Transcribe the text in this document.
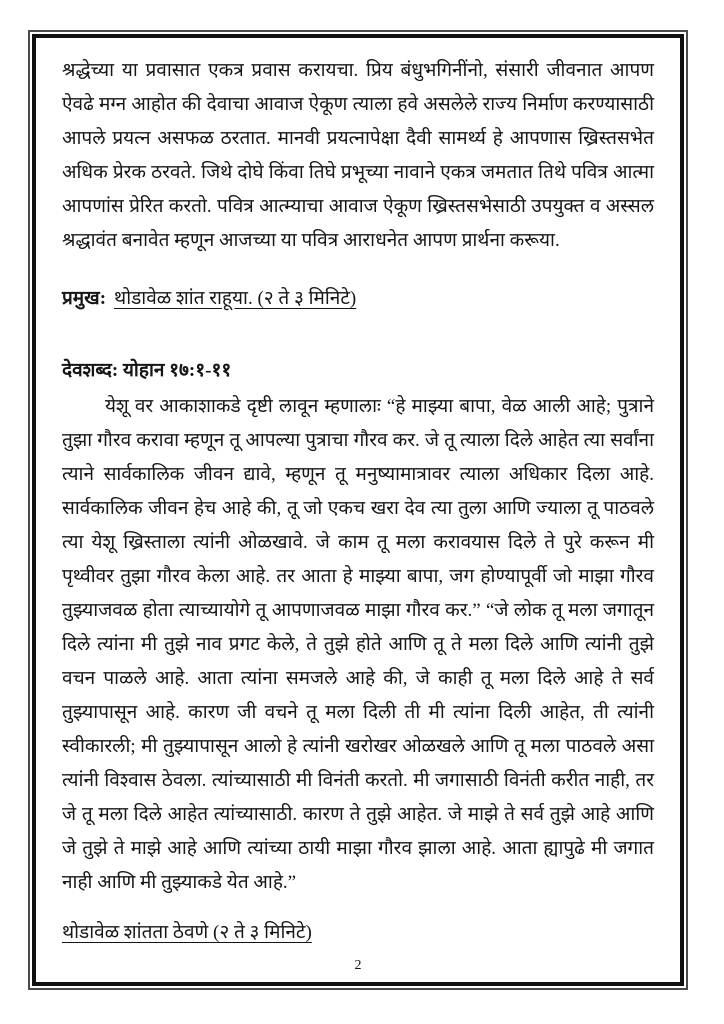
श्रद्धेच्या या प्रवासात एकत्र प्रवास करायचा. प्रिय बंधुभगिनींनो, संसारी जीवनात आपण ऐवढे मग्न आहोत की देवाचा आवाज ऐकूण त्याला हवे असलेले राज्य निर्माण करण्यासाठी आपले प्रयत्न असफळ ठरतात. मानवी प्रयत्नापेक्षा दैवी सामर्थ्य हे आपणास ख्रिस्तसभेत अधिक प्रेरक ठरवते. जिथे दोघे किंवा तिघे प्रभूच्या नावाने एकत्र जमतात तिथे पवित्र आत्मा आपणांस प्रेरित करतो. पवित्र आत्म्याचा आवाज ऐकूण ख्रिस्तसभेसाठी उपयुक्त व अस्सल श्रद्धावंत बनावेत म्हणून आजच्या या पवित्र आराधनेत आपण प्रार्थना करूया.

प्रमुख: थोडावेळ शांत राहूया. (२ ते ३ मिनिटे)
देवशब्द: योहान १७:१-११

येशू वर आकाशाकडे दृष्टी लावून म्हणालाः “हे माझ्या बापा, वेळ आली आहे; पुत्राने तुझा गौरव करावा म्हणून तू आपल्या पुत्राचा गौरव कर. जे तू त्याला दिले आहेत त्या सर्वांना त्याने सार्वकालिक जीवन द्यावे, म्हणून तू मनुष्यामात्रावर त्याला अधिकार दिला आहे. सार्वकालिक जीवन हेच आहे की, तू जो एकच खरा देव त्या तुला आणि ज्याला तू पाठवले त्या येशू ख्रिस्ताला त्यांनी ओळखावे. जे काम तू मला करावयास दिले ते पुरे करून मी पृथ्वीवर तुझा गौरव केला आहे. तर आता हे माझ्या बापा, जग होण्यापूर्वी जो माझा गौरव तुझ्याजवळ होता त्याच्यायोगे तू आपणाजवळ माझा गौरव कर.” “जे लोक तू मला जगातून दिले त्यांना मी तुझे नाव प्रगट केले, ते तुझे होते आणि तू ते मला दिले आणि त्यांनी तुझे वचन पाळले आहे. आता त्यांना समजले आहे की, जे काही तू मला दिले आहे ते सर्व तुझ्यापासून आहे. कारण जी वचने तू मला दिली ती मी त्यांना दिली आहेत, ती त्यांनी स्वीकारली; मी तुझ्यापासून आलो हे त्यांनी खरोखर ओळखले आणि तू मला पाठवले असा त्यांनी विश्वास ठेवला. त्यांच्यासाठी मी विनंती करतो. मी जगासाठी विनंती करीत नाही, तर जे तू मला दिले आहेत त्यांच्यासाठी. कारण ते तुझे आहेत. जे माझे ते सर्व तुझे आहे आणि जे तुझे ते माझे आहे आणि त्यांच्या ठायी माझा गौरव झाला आहे. आता ह्यापुढे मी जगात नाही आणि मी तुझ्याकडे येत आहे.”

थोडावेळ शांतता ठेवणे (२ ते ३ मिनिटे)
2
